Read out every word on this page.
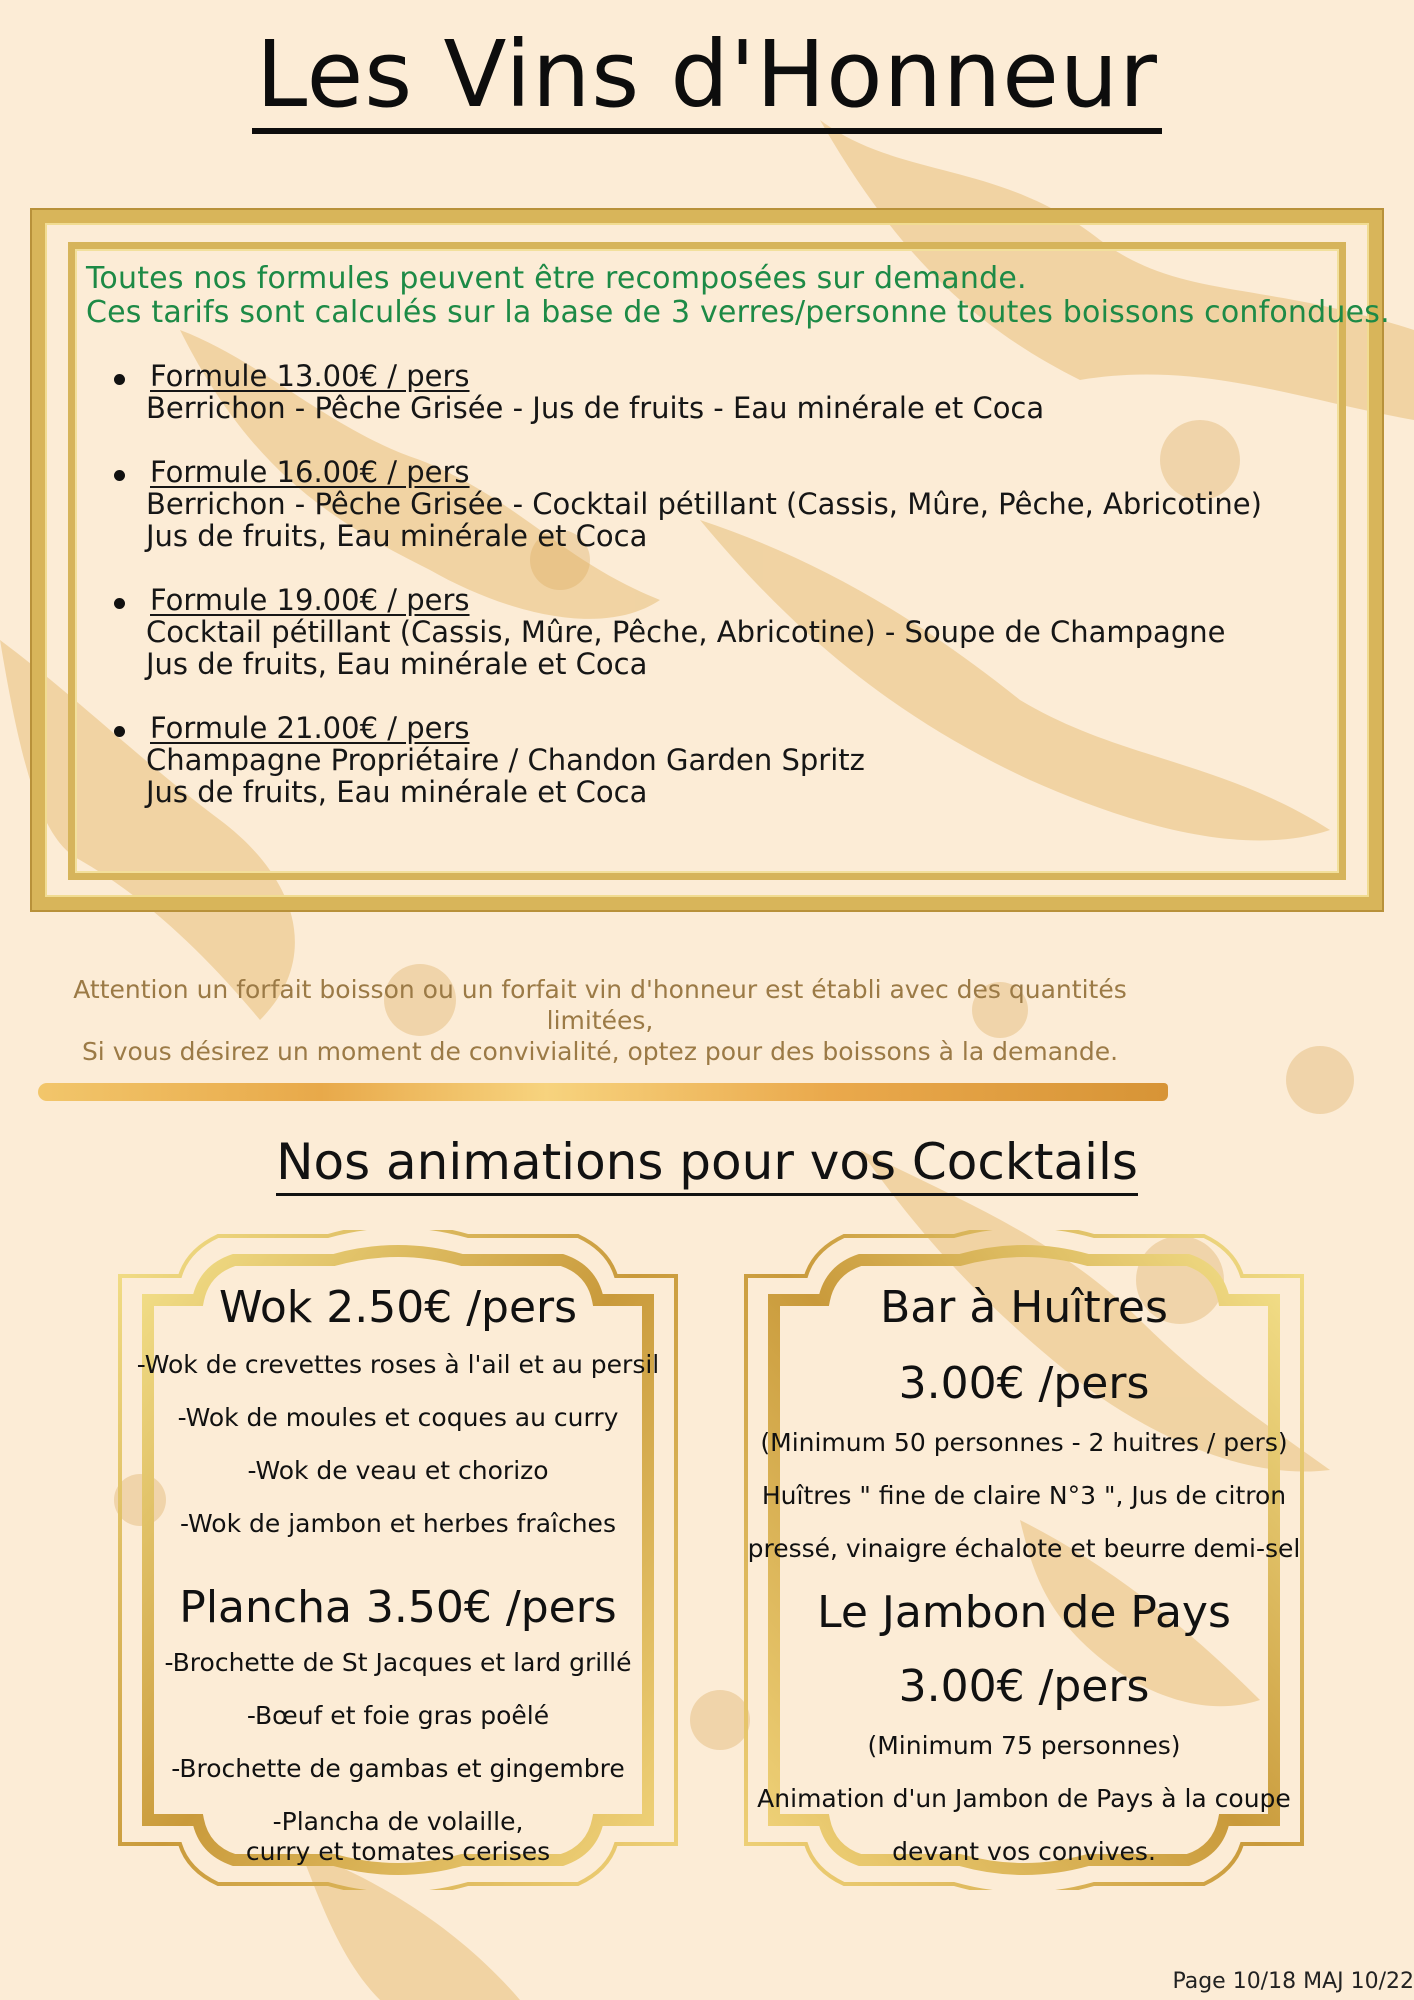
Les Vins d'Honneur
Toutes nos formules peuvent être recomposées sur demande.
Ces tarifs sont calculés sur la base de 3 verres/personne toutes boissons confondues.
Formule 13.00€ / pers
Berrichon - Pêche Grisée - Jus de fruits - Eau minérale et Coca
Formule 16.00€ / pers
Berrichon - Pêche Grisée - Cocktail pétillant (Cassis, Mûre, Pêche, Abricotine)
Jus de fruits, Eau minérale et Coca
Formule 19.00€ / pers
Cocktail pétillant (Cassis, Mûre, Pêche, Abricotine) - Soupe de Champagne
Jus de fruits, Eau minérale et Coca
Formule 21.00€ / pers
Champagne Propriétaire / Chandon Garden Spritz
Jus de fruits, Eau minérale et Coca
Attention un forfait boisson ou un forfait vin d'honneur est établi avec des quantités limitées,
Si vous désirez un moment de convivialité, optez pour des boissons à la demande.
Nos animations pour vos Cocktails
Wok 2.50€ /pers
-Wok de crevettes roses à l'ail et au persil
-Wok de moules et coques au curry
-Wok de veau et chorizo
-Wok de jambon et herbes fraîches
Plancha 3.50€ /pers
-Brochette de St Jacques et lard grillé
-Bœuf et foie gras poêlé
-Brochette de gambas et gingembre
-Plancha de volaille,
curry et tomates cerises
Bar à Huîtres
3.00€ /pers
(Minimum 50 personnes - 2 huitres / pers)
Huîtres " fine de claire N°3 ", Jus de citron
pressé, vinaigre échalote et beurre demi-sel
Le Jambon de Pays
3.00€ /pers
(Minimum 75 personnes)
Animation d'un Jambon de Pays à la coupe
devant vos convives.
Page 10/18 MAJ 10/22
